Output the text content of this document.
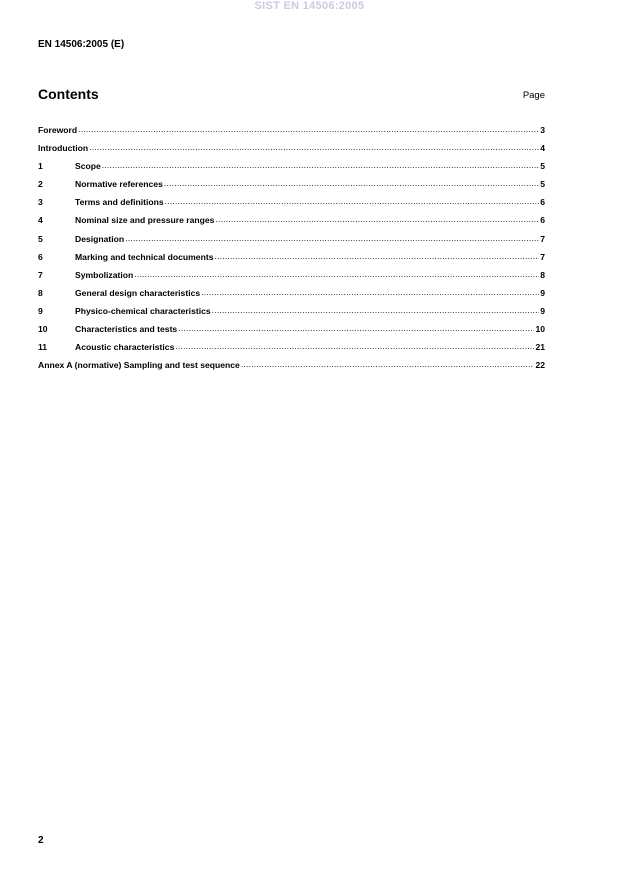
SIST EN 14506:2005
EN 14506:2005 (E)
Contents	Page
Foreword .....	3
Introduction .....	4
1	Scope .....	5
2	Normative references .....	5
3	Terms and definitions .....	6
4	Nominal size and pressure ranges .....	6
5	Designation .....	7
6	Marking and technical documents .....	7
7	Symbolization .....	8
8	General design characteristics .....	9
9	Physico-chemical characteristics .....	9
10	Characteristics and tests .....	10
11	Acoustic characteristics .....	21
Annex A (normative) Sampling and test sequence .....	22
2
